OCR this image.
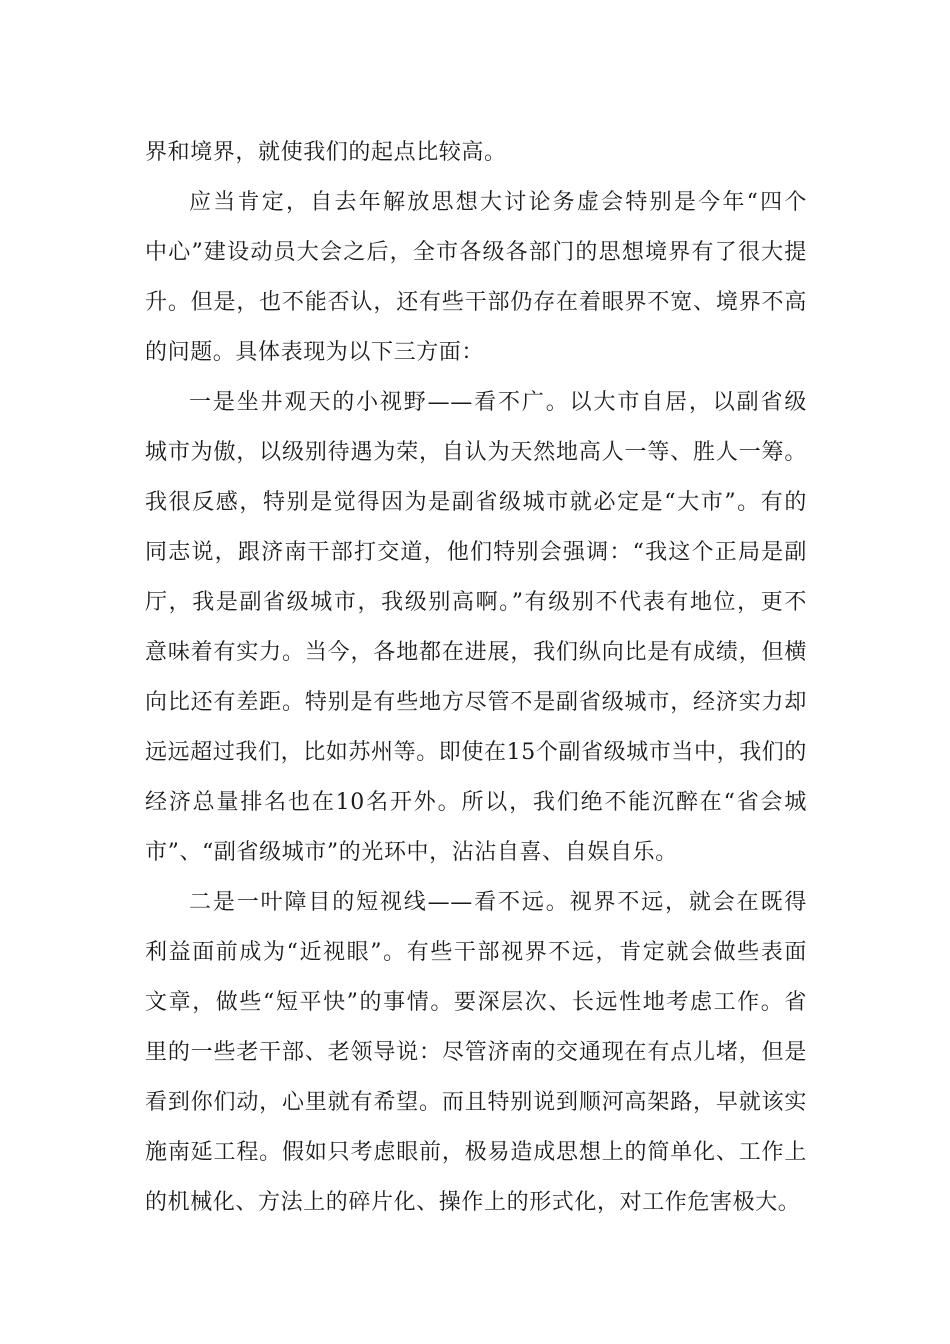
界和境界，就使我们的起点比较高。
应当肯定，自去年解放思想大讨论务虚会特别是今年“四个
中心”建设动员大会之后，全市各级各部门的思想境界有了很大提
升。但是，也不能否认，还有些干部仍存在着眼界不宽、境界不高
的问题。具体表现为以下三方面：
一是坐井观天的小视野——看不广。以大市自居，以副省级
城市为傲，以级别待遇为荣，自认为天然地高人一等、胜人一筹。
我很反感，特别是觉得因为是副省级城市就必定是“大市”。有的
同志说，跟济南干部打交道，他们特别会强调：“我这个正局是副
厅，我是副省级城市，我级别高啊。”有级别不代表有地位，更不
意味着有实力。当今，各地都在进展，我们纵向比是有成绩，但横
向比还有差距。特别是有些地方尽管不是副省级城市，经济实力却
远远超过我们，比如苏州等。即使在15个副省级城市当中，我们的
经济总量排名也在10名开外。所以，我们绝不能沉醉在“省会城
市”、“副省级城市”的光环中，沾沾自喜、自娱自乐。
二是一叶障目的短视线——看不远。视界不远，就会在既得
利益面前成为“近视眼”。有些干部视界不远，肯定就会做些表面
文章，做些“短平快”的事情。要深层次、长远性地考虑工作。省
里的一些老干部、老领导说：尽管济南的交通现在有点儿堵，但是
看到你们动，心里就有希望。而且特别说到顺河高架路，早就该实
施南延工程。假如只考虑眼前，极易造成思想上的简单化、工作上
的机械化、方法上的碎片化、操作上的形式化，对工作危害极大。
